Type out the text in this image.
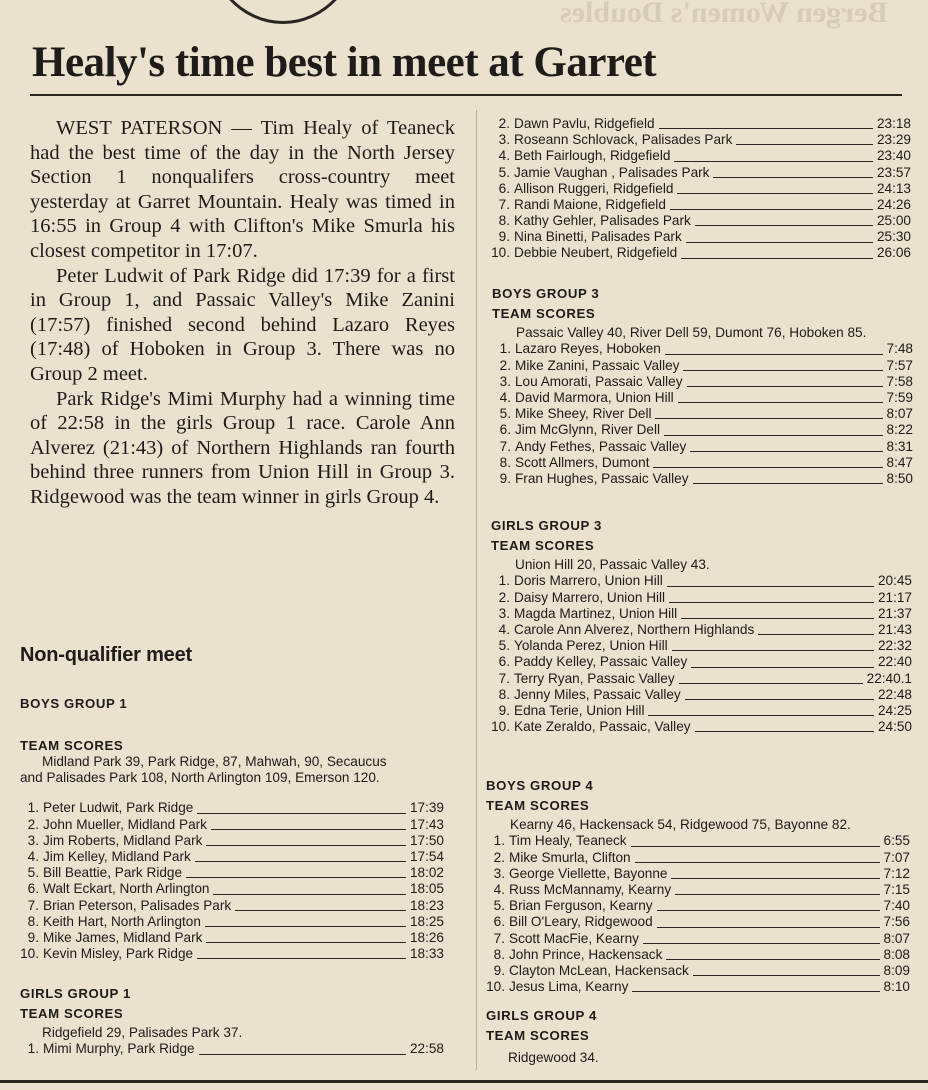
Bergen Women's Doubles
Healy's time best in meet at Garret

WEST PATERSON — Tim Healy of Teaneck had the best time of the day in the North Jersey Section 1 nonqualifers cross-country meet yesterday at Garret Mountain. Healy was timed in 16:55 in Group 4 with Clifton's Mike Smurla his closest competitor in 17:07.

Peter Ludwit of Park Ridge did 17:39 for a first in Group 1, and Passaic Valley's Mike Zanini (17:57) finished second behind Lazaro Reyes (17:48) of Hoboken in Group 3. There was no Group 2 meet.

Park Ridge's Mimi Murphy had a winning time of 22:58 in the girls Group 1 race. Carole Ann Alverez (21:43) of Northern Highlands ran fourth behind three runners from Union Hill in Group 3. Ridgewood was the team winner in girls Group 4.

Non-qualifier meet
BOYS GROUP 1
TEAM SCORES
Midland Park 39, Park Ridge, 87, Mahwah, 90, Secaucus
and Palisades Park 108, North Arlington 109, Emerson 120.
1. Peter Ludwit, Park Ridge	17:39
2. John Mueller, Midland Park	17:43
3. Jim Roberts, Midland Park	17:50
4. Jim Kelley, Midland Park	17:54
5. Bill Beattie, Park Ridge	18:02
6. Walt Eckart, North Arlington	18:05
7. Brian Peterson, Palisades Park	18:23
8. Keith Hart, North Arlington	18:25
9. Mike James, Midland Park	18:26
10. Kevin Misley, Park Ridge	18:33
GIRLS GROUP 1
TEAM SCORES
Ridgefield 29, Palisades Park 37.
1. Mimi Murphy, Park Ridge	22:58
2. Dawn Pavlu, Ridgefield	23:18
3. Roseann Schlovack, Palisades Park	23:29
4. Beth Fairlough, Ridgefield	23:40
5. Jamie Vaughan , Palisades Park	23:57
6. Allison Ruggeri, Ridgefield	24:13
7. Randi Maione, Ridgefield	24:26
8. Kathy Gehler, Palisades Park	25:00
9. Nina Binetti, Palisades Park	25:30
10. Debbie Neubert, Ridgefield	26:06
BOYS GROUP 3
TEAM SCORES
Passaic Valley 40, River Dell 59, Dumont 76, Hoboken 85.
1. Lazaro Reyes, Hoboken	7:48
2. Mike Zanini, Passaic Valley	7:57
3. Lou Amorati, Passaic Valley	7:58
4. David Marmora, Union Hill	7:59
5. Mike Sheey, River Dell	8:07
6. Jim McGlynn, River Dell	8:22
7. Andy Fethes, Passaic Valley	8:31
8. Scott Allmers, Dumont	8:47
9. Fran Hughes, Passaic Valley	8:50
GIRLS GROUP 3
TEAM SCORES
Union Hill 20, Passaic Valley 43.
1. Doris Marrero, Union Hill	20:45
2. Daisy Marrero, Union Hill	21:17
3. Magda Martinez, Union Hill	21:37
4. Carole Ann Alverez, Northern Highlands	21:43
5. Yolanda Perez, Union Hill	22:32
6. Paddy Kelley, Passaic Valley	22:40
7. Terry Ryan, Passaic Valley	22:40.1
8. Jenny Miles, Passaic Valley	22:48
9. Edna Terie, Union Hill	24:25
10. Kate Zeraldo, Passaic, Valley	24:50
BOYS GROUP 4
TEAM SCORES
Kearny 46, Hackensack 54, Ridgewood 75, Bayonne 82.
1. Tim Healy, Teaneck	6:55
2. Mike Smurla, Clifton	7:07
3. George Viellette, Bayonne	7:12
4. Russ McMannamy, Kearny	7:15
5. Brian Ferguson, Kearny	7:40
6. Bill O'Leary, Ridgewood	7:56
7. Scott MacFie, Kearny	8:07
8. John Prince, Hackensack	8:08
9. Clayton McLean, Hackensack	8:09
10. Jesus Lima, Kearny	8:10
GIRLS GROUP 4
TEAM SCORES
Ridgewood 34.
